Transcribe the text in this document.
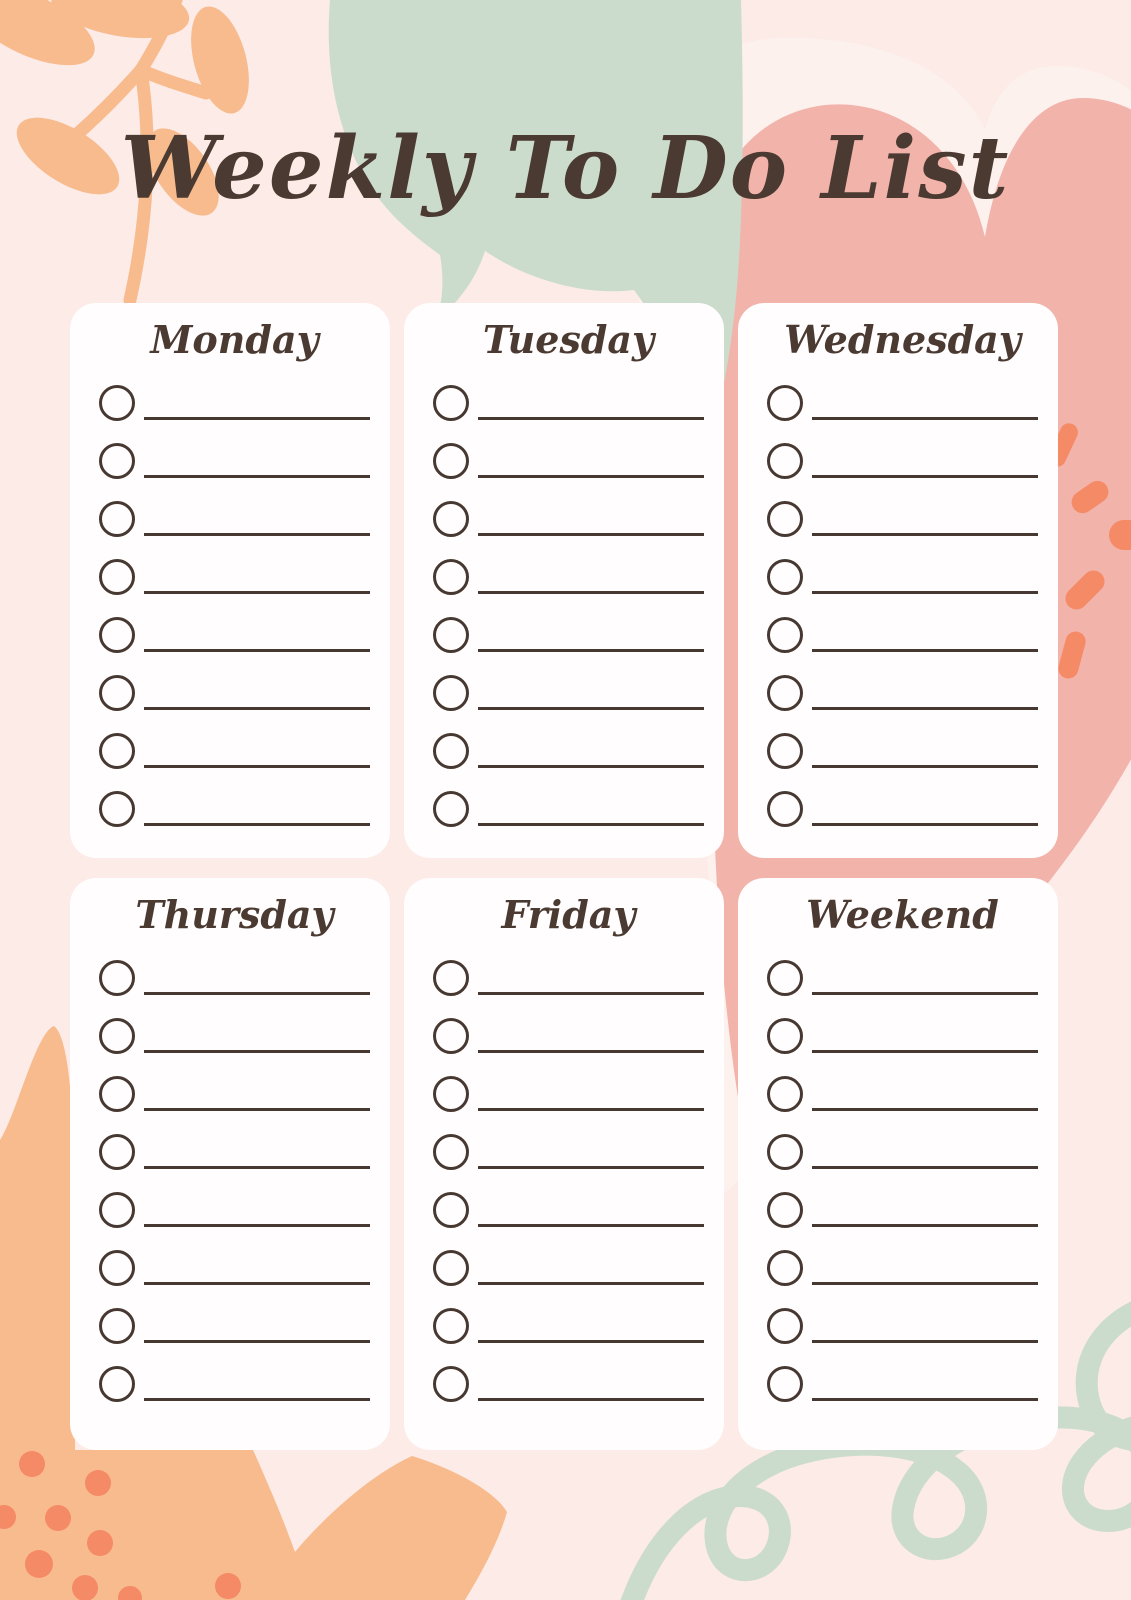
Weekly To Do List
Monday	Tuesday	Wednesday
Thursday	Friday	Weekend
